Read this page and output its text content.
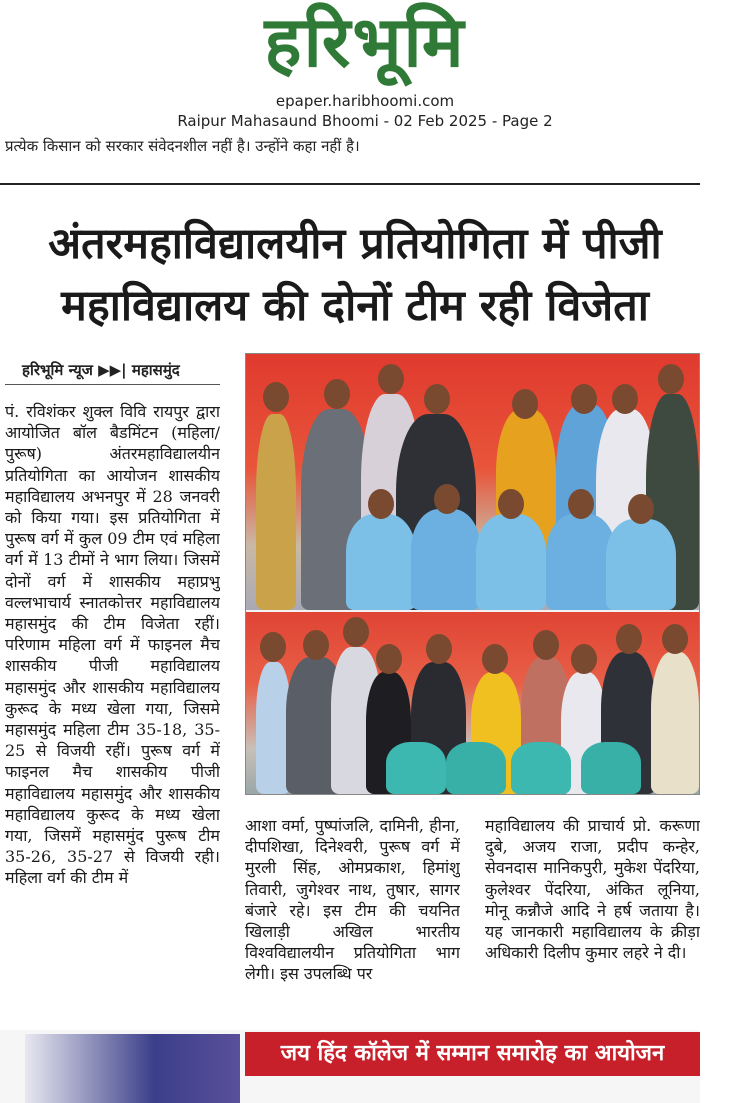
हरिभूमि
epaper.haribhoomi.com
Raipur Mahasaund Bhoomi - 02 Feb 2025 - Page 2
प्रत्येक किसान को सरकार संवेदनशील नहीं है। उन्होंने कहा नहीं है।
अंतरमहाविद्यालयीन प्रतियोगिता में पीजी
महाविद्यालय की दोनों टीम रही विजेता
हरिभूमि न्यूज ▶▶| महासमुंद
पं. रविशंकर शुक्ल विवि रायपुर द्वारा आयोजित बॉल बैडमिंटन (महिला/पुरूष) अंतरमहाविद्यालयीन प्रतियोगिता का आयोजन शासकीय महाविद्यालय अभनपुर में 28 जनवरी को किया गया। इस प्रतियोगिता में पुरूष वर्ग में कुल 09 टीम एवं महिला वर्ग में 13 टीमों ने भाग लिया। जिसमें दोनों वर्ग में शासकीय महाप्रभु वल्लभाचार्य स्नातकोत्तर महाविद्यालय महासमुंद की टीम विजेता रहीं। परिणाम महिला वर्ग में फाइनल मैच शासकीय पीजी महाविद्यालय महासमुंद और शासकीय महाविद्यालय कुरूद के मध्य खेला गया, जिसमे महासमुंद महिला टीम 35-18, 35-25 से विजयी रहीं। पुरूष वर्ग में फाइनल मैच शासकीय पीजी महाविद्यालय महासमुंद और शासकीय महाविद्यालय कुरूद के मध्य खेला गया, जिसमें महासमुंद पुरूष टीम 35-26, 35-27 से विजयी रही। महिला वर्ग की टीम में
आशा वर्मा, पुष्पांजलि, दामिनी, हीना, दीपशिखा, दिनेश्वरी, पुरूष वर्ग में मुरली सिंह, ओमप्रकाश, हिमांशु तिवारी, जुगेश्वर नाथ, तुषार, सागर बंजारे रहे। इस टीम की चयनित खिलाड़ी अखिल भारतीय विश्वविद्यालयीन प्रतियोगिता भाग लेगी। इस उपलब्धि पर
महाविद्यालय की प्राचार्य प्रो. करूणा दुबे, अजय राजा, प्रदीप कन्हेर, सेवनदास मानिकपुरी, मुकेश पेंदरिया, कुलेश्वर पेंदरिया, अंकित लूनिया, मोनू कन्नौजे आदि ने हर्ष जताया है। यह जानकारी महाविद्यालय के क्रीड़ा अधिकारी दिलीप कुमार लहरे ने दी।
जय हिंद कॉलेज में सम्मान समारोह का आयोजन
